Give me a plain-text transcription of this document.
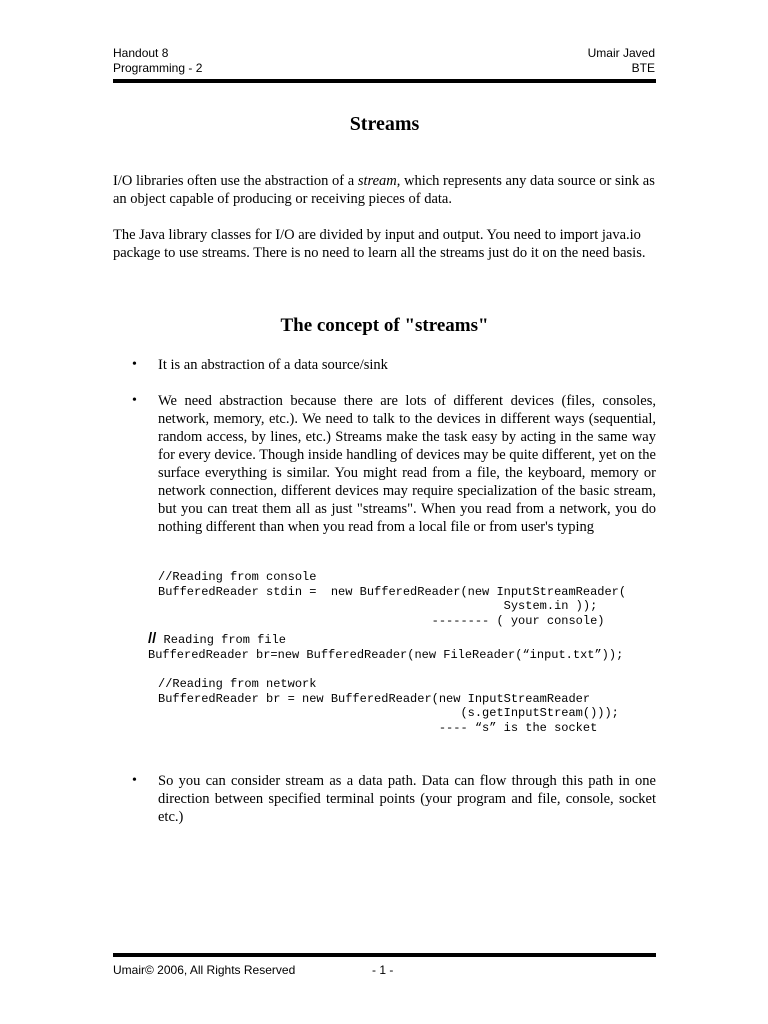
Handout 8
Programming - 2
Umair Javed
BTE
Streams
I/O libraries often use the abstraction of a stream, which represents any data source or sink as an object capable of producing or receiving pieces of data.
The Java library classes for I/O are divided by input and output. You need to import java.io package to use streams. There is no need to learn all the streams just do it on the need basis.
The concept of "streams"
• It is an abstraction of a data source/sink
• We need abstraction because there are lots of different devices (files, consoles, network, memory, etc.). We need to talk to the devices in different ways (sequential, random access, by lines, etc.) Streams make the task easy by acting in the same way for every device. Though inside handling of devices may be quite different, yet on the surface everything is similar. You might read from a file, the keyboard, memory or network connection, different devices may require specialization of the basic stream, but you can treat them all as just "streams". When you read from a network, you do nothing different than when you read from a local file or from user's typing
//Reading from console
BufferedReader stdin =  new BufferedReader(new InputStreamReader(
System.in ));
-------- ( your console)
// Reading from file
BufferedReader br=new BufferedReader(new FileReader(“input.txt”));
//Reading from network
BufferedReader br = new BufferedReader(new InputStreamReader
(s.getInputStream()));
---- “s” is the socket
• So you can consider stream as a data path. Data can flow through this path in one direction between specified terminal points (your program and file, console, socket etc.)
Umair© 2006, All Rights Reserved	- 1 -
